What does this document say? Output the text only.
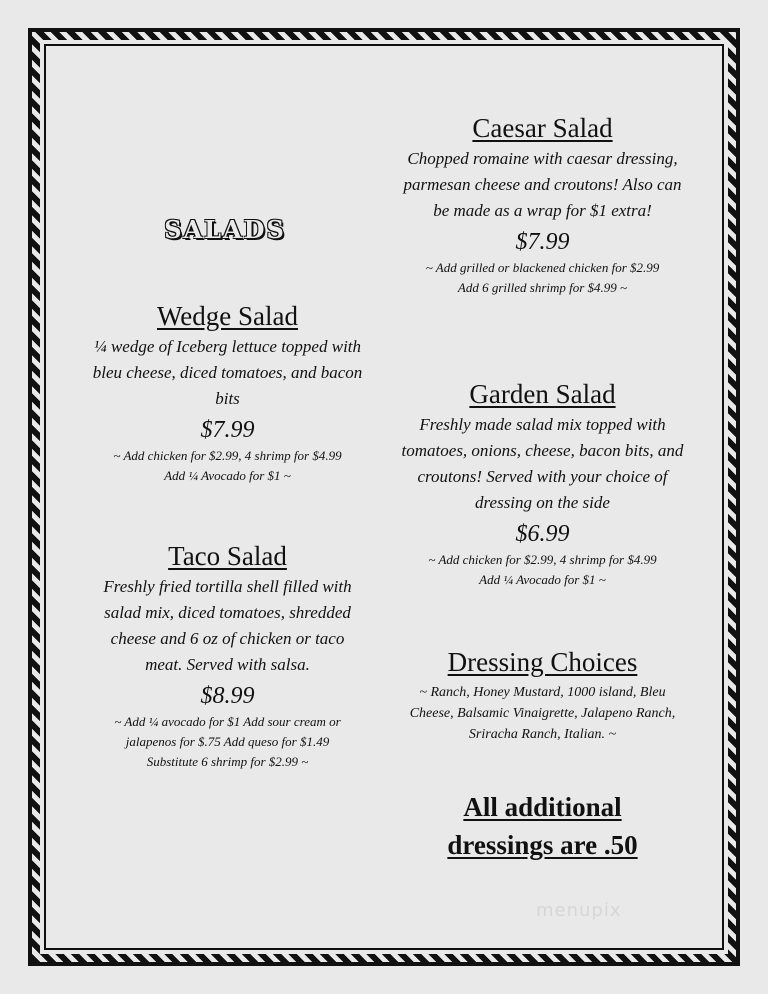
SALADS

Wedge Salad

¼ wedge of Iceberg lettuce topped with bleu cheese, diced tomatoes, and bacon bits

$7.99

~ Add chicken for $2.99, 4 shrimp for $4.99

Add ¼ Avocado for $1 ~

Taco Salad

Freshly fried tortilla shell filled with salad mix, diced tomatoes, shredded cheese and 6 oz of chicken or taco meat. Served with salsa.

$8.99

~ Add ¼ avocado for $1 Add sour cream or jalapenos for $.75 Add queso for $1.49

Substitute 6 shrimp for $2.99 ~

Caesar Salad

Chopped romaine with caesar dressing, parmesan cheese and croutons! Also can be made as a wrap for $1 extra!

$7.99

~ Add grilled or blackened chicken for $2.99

Add 6 grilled shrimp for $4.99 ~

Garden Salad

Freshly made salad mix topped with tomatoes, onions, cheese, bacon bits, and croutons! Served with your choice of dressing on the side

$6.99

~ Add chicken for $2.99, 4 shrimp for $4.99

Add ¼ Avocado for $1 ~

Dressing Choices

~ Ranch, Honey Mustard, 1000 island, Bleu Cheese, Balsamic Vinaigrette, Jalapeno Ranch, Sriracha Ranch, Italian. ~

All additional

dressings are .50

menupix
